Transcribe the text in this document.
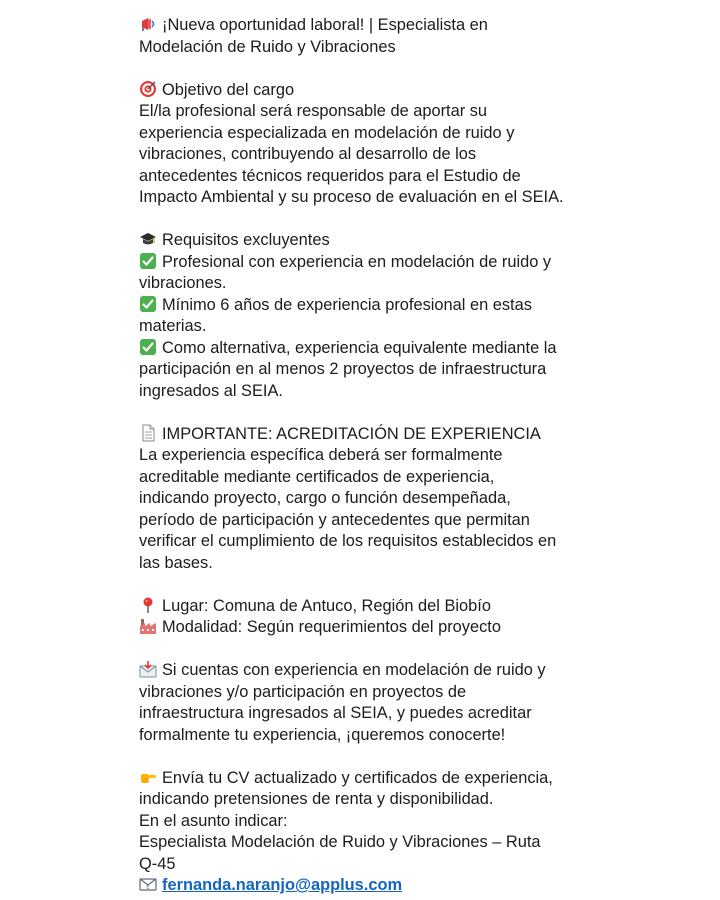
¡Nueva oportunidad laboral! | Especialista en
Modelación de Ruido y Vibraciones
Objetivo del cargo
El/la profesional será responsable de aportar su
experiencia especializada en modelación de ruido y
vibraciones, contribuyendo al desarrollo de los
antecedentes técnicos requeridos para el Estudio de
Impacto Ambiental y su proceso de evaluación en el SEIA.
Requisitos excluyentes
Profesional con experiencia en modelación de ruido y
vibraciones.
Mínimo 6 años de experiencia profesional en estas
materias.
Como alternativa, experiencia equivalente mediante la
participación en al menos 2 proyectos de infraestructura
ingresados al SEIA.
IMPORTANTE: ACREDITACIÓN DE EXPERIENCIA
La experiencia específica deberá ser formalmente
acreditable mediante certificados de experiencia,
indicando proyecto, cargo o función desempeñada,
período de participación y antecedentes que permitan
verificar el cumplimiento de los requisitos establecidos en
las bases.
Lugar: Comuna de Antuco, Región del Biobío
Modalidad: Según requerimientos del proyecto
Si cuentas con experiencia en modelación de ruido y
vibraciones y/o participación en proyectos de
infraestructura ingresados al SEIA, y puedes acreditar
formalmente tu experiencia, ¡queremos conocerte!
Envía tu CV actualizado y certificados de experiencia,
indicando pretensiones de renta y disponibilidad.
En el asunto indicar:
Especialista Modelación de Ruido y Vibraciones – Ruta
Q-45
E fernanda.naranjo@applus.com
